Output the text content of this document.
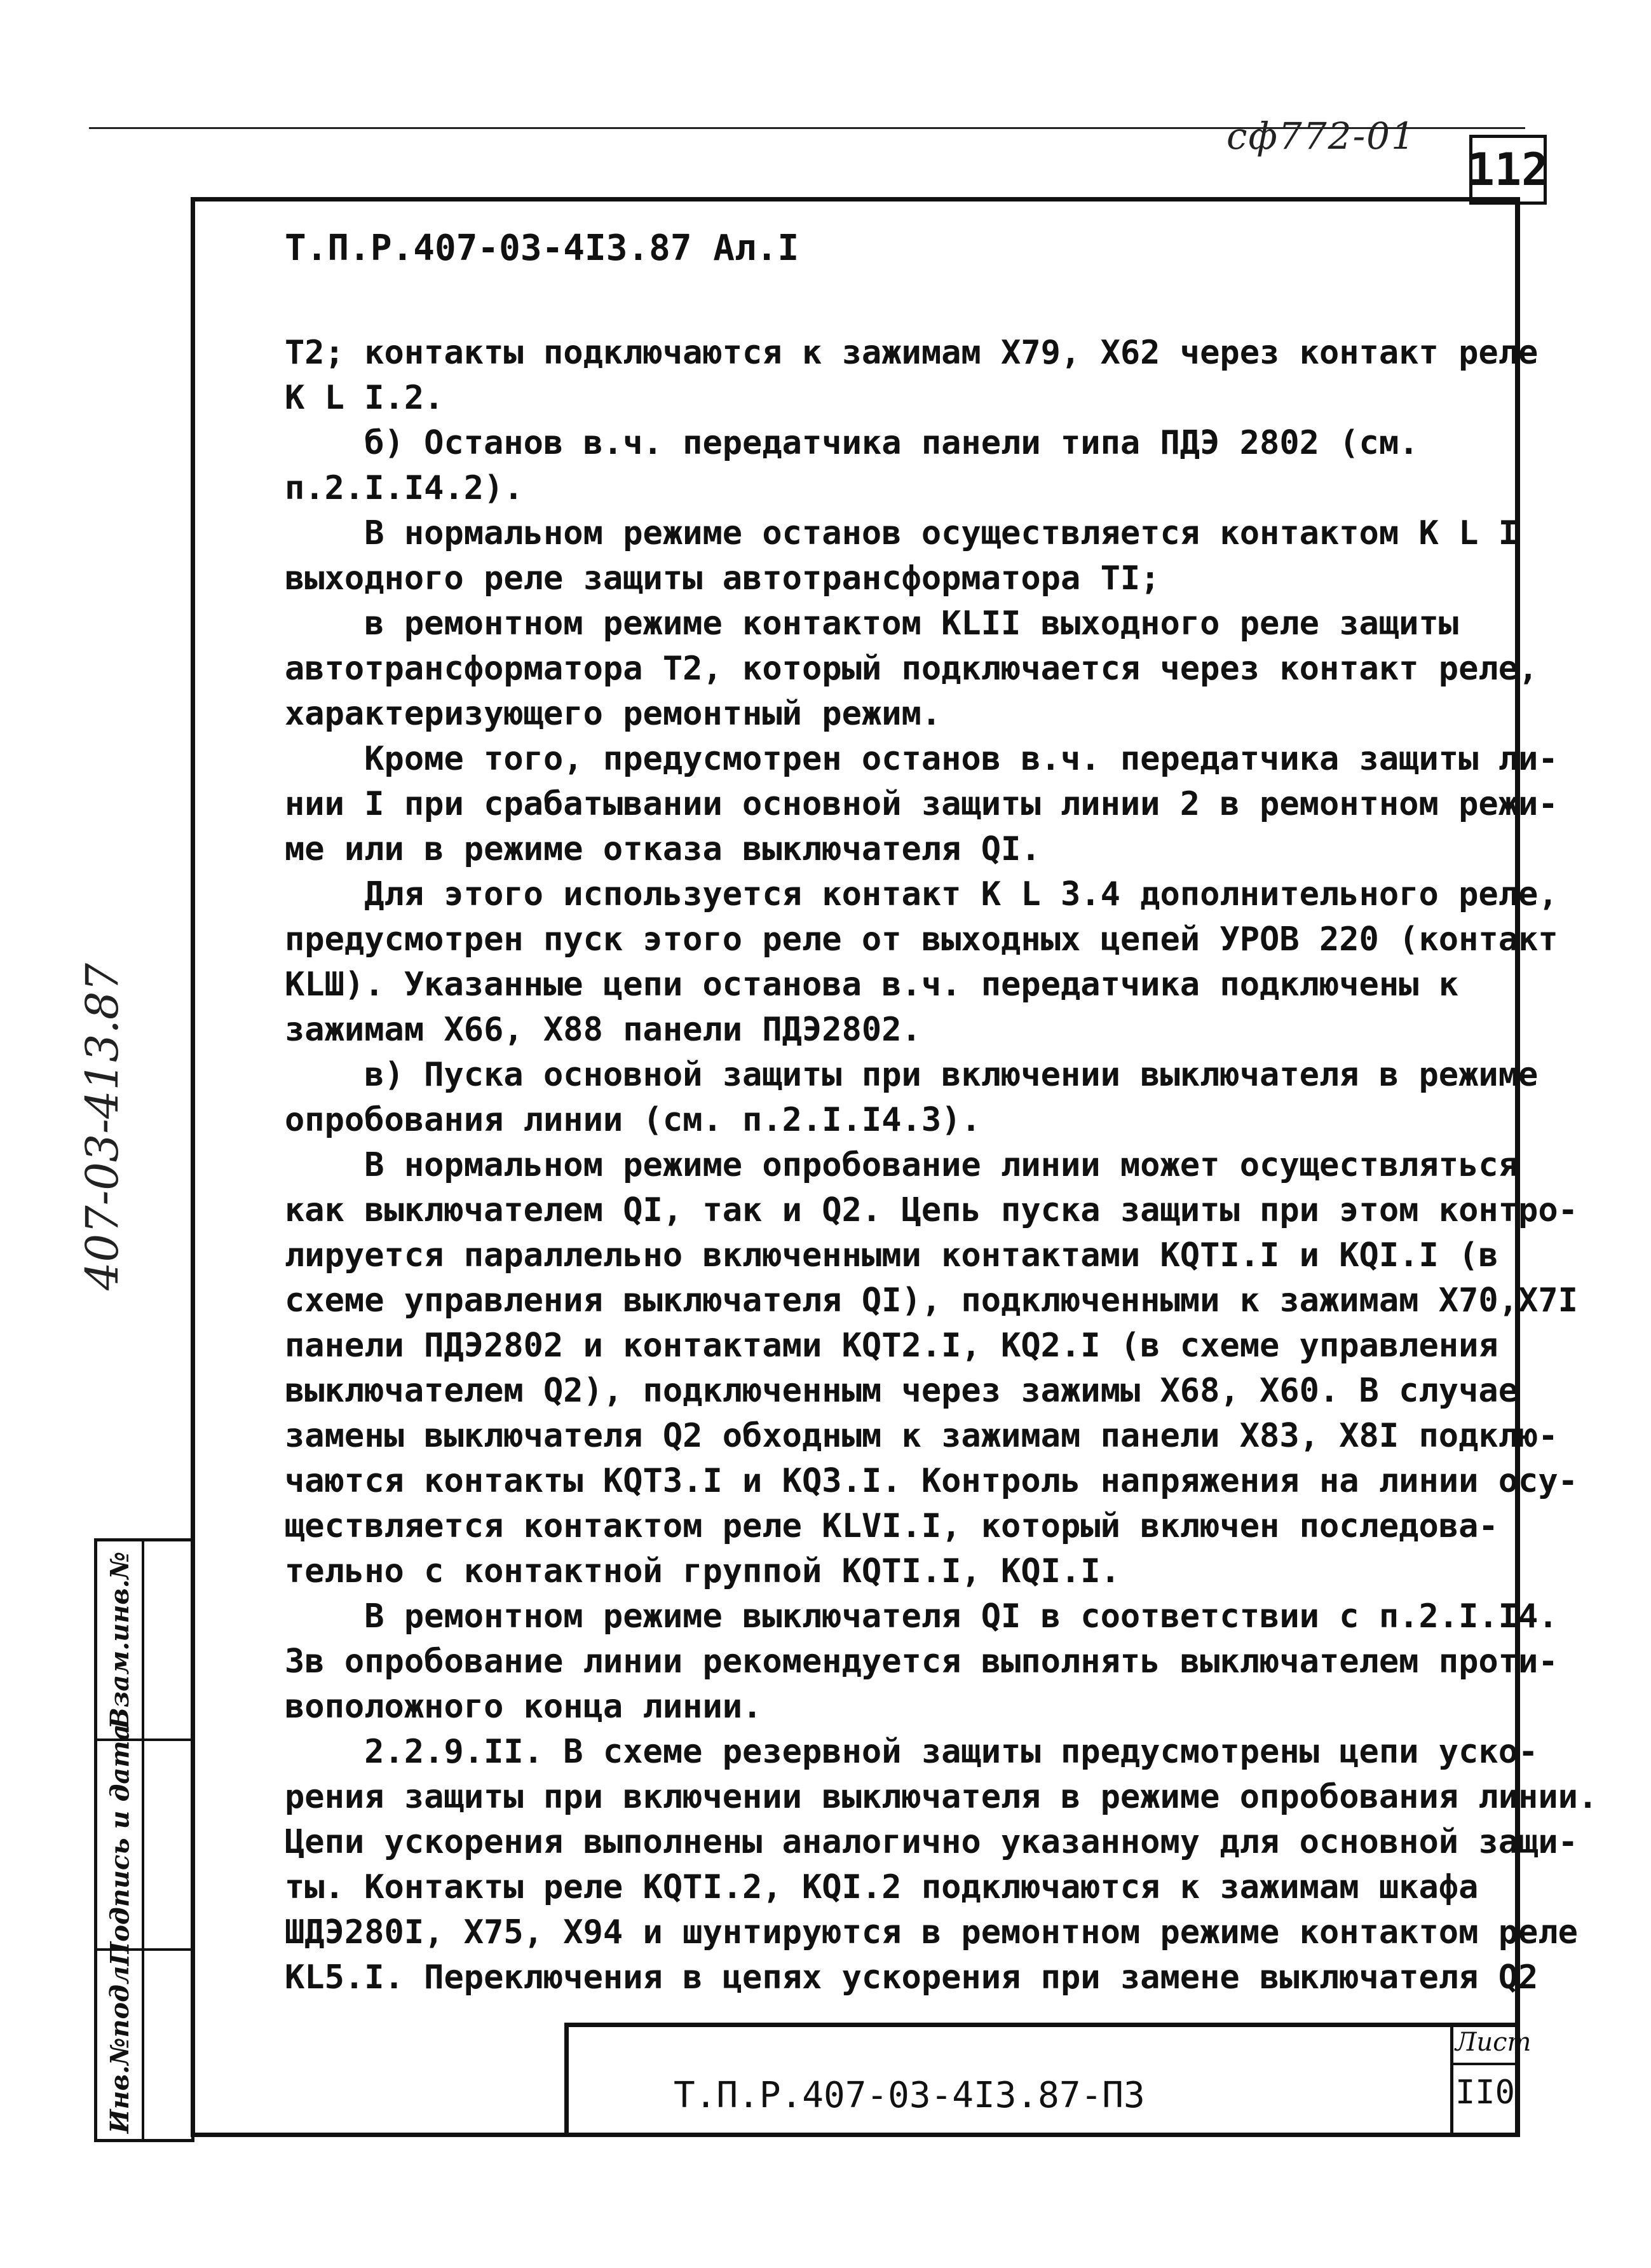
сф772-01
112
Т.П.Р.407-03-4I3.87 Ал.I
Т2; контакты подключаются к зажимам Х79, Х62 через контакт реле
К L I.2.
б) Останов в.ч. передатчика панели типа ПДЭ 2802 (см.
п.2.I.I4.2).
В нормальном режиме останов осуществляется контактом К L I
выходного реле защиты автотрансформатора ТI;
в ремонтном режиме контактом КLII выходного реле защиты
автотрансформатора Т2, который подключается через контакт реле,
характеризующего ремонтный режим.
Кроме того, предусмотрен останов в.ч. передатчика защиты ли-
нии I при срабатывании основной защиты линии 2 в ремонтном режи-
ме или в режиме отказа выключателя QI.
Для этого используется контакт К L 3.4 дополнительного реле,
предусмотрен пуск этого реле от выходных цепей УРОВ 220 (контакт
КLШ). Указанные цепи останова в.ч. передатчика подключены к
зажимам Х66, Х88 панели ПДЭ2802.
в) Пуска основной защиты при включении выключателя в режиме
опробования линии (см. п.2.I.I4.3).
В нормальном режиме опробование линии может осуществляться
как выключателем QI, так и Q2. Цепь пуска защиты при этом контро-
лируется параллельно включенными контактами КQTI.I и КQI.I (в
схеме управления выключателя QI), подключенными к зажимам Х70,Х7I
панели ПДЭ2802 и контактами КQT2.I, КQ2.I (в схеме управления
выключателем Q2), подключенным через зажимы Х68, Х60. В случае
замены выключателя Q2 обходным к зажимам панели Х83, Х8I подклю-
чаются контакты КQТ3.I и КQ3.I. Контроль напряжения на линии осу-
ществляется контактом реле КLVI.I, который включен последова-
тельно с контактной группой КQTI.I, КQI.I.
В ремонтном режиме выключателя QI в соответствии с п.2.I.I4.
3в опробование линии рекомендуется выполнять выключателем проти-
воположного конца линии.
2.2.9.II. В схеме резервной защиты предусмотрены цепи уско-
рения защиты при включении выключателя в режиме опробования линии.
Цепи ускорения выполнены аналогично указанному для основной защи-
ты. Контакты реле КQTI.2, КQI.2 подключаются к зажимам шкафа
ШДЭ280I, Х75, Х94 и шунтируются в ремонтном режиме контактом реле
КL5.I. Переключения в цепях ускорения при замене выключателя Q2
407-03-413.87
Взам.инв.№
Подпись и дата
Инв.№подл.	Т.П.Р.407-03-4I3.87-ПЗ
Лист
II0
